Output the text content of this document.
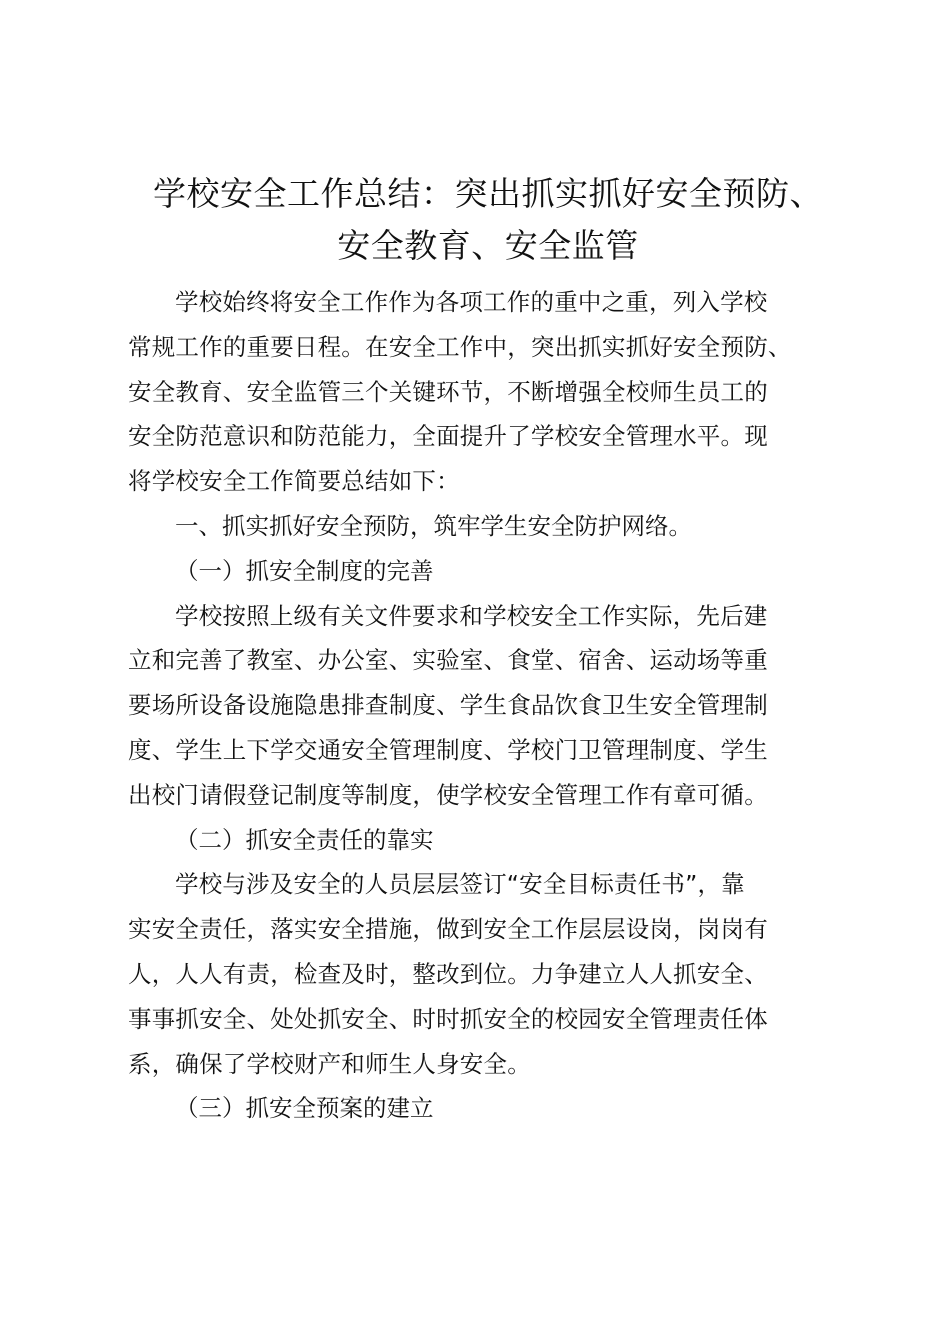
学校安全工作总结：突出抓实抓好安全预防、
安全教育、安全监管

学校始终将安全工作作为各项工作的重中之重，列入学校
常规工作的重要日程。在安全工作中，突出抓实抓好安全预防、
安全教育、安全监管三个关键环节，不断增强全校师生员工的
安全防范意识和防范能力，全面提升了学校安全管理水平。现
将学校安全工作简要总结如下：

一、抓实抓好安全预防，筑牢学生安全防护网络。

（一）抓安全制度的完善

学校按照上级有关文件要求和学校安全工作实际，先后建
立和完善了教室、办公室、实验室、食堂、宿舍、运动场等重
要场所设备设施隐患排查制度、学生食品饮食卫生安全管理制
度、学生上下学交通安全管理制度、学校门卫管理制度、学生
出校门请假登记制度等制度，使学校安全管理工作有章可循。

（二）抓安全责任的靠实

学校与涉及安全的人员层层签订“安全目标责任书”，靠
实安全责任，落实安全措施，做到安全工作层层设岗，岗岗有
人，人人有责，检查及时，整改到位。力争建立人人抓安全、
事事抓安全、处处抓安全、时时抓安全的校园安全管理责任体
系，确保了学校财产和师生人身安全。

（三）抓安全预案的建立
